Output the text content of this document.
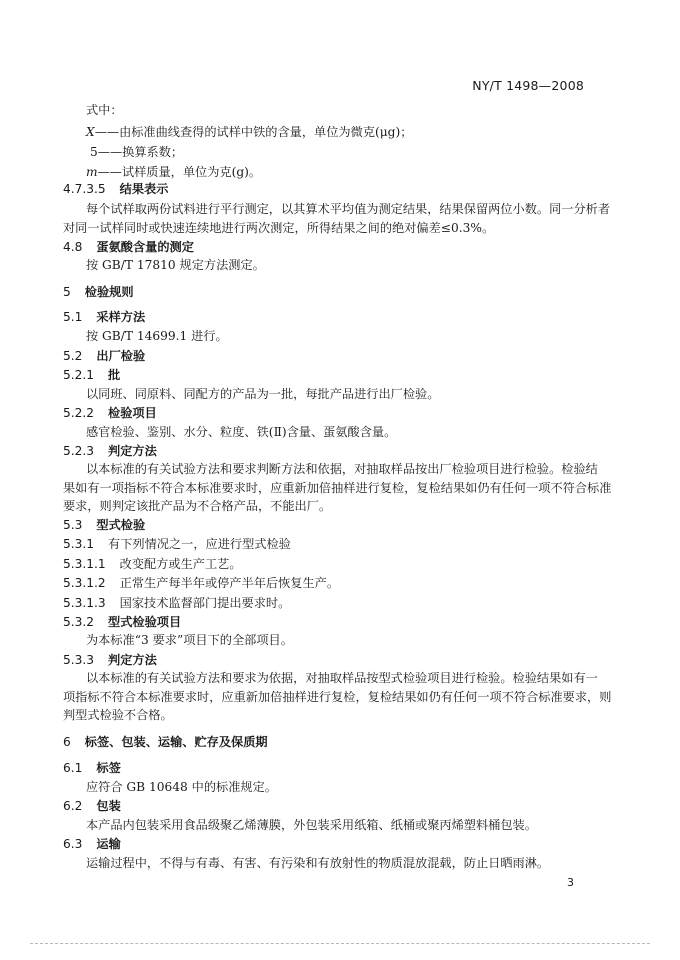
NY/T 1498—2008
式中：
X——由标准曲线查得的试样中铁的含量，单位为微克(μg)；
5——换算系数；
m——试样质量，单位为克(g)。
4.7.3.5 结果表示
每个试样取两份试料进行平行测定，以其算术平均值为测定结果，结果保留两位小数。同一分析者
对同一试样同时或快速连续地进行两次测定，所得结果之间的绝对偏差≤0.3%。
4.8 蛋氨酸含量的测定
按 GB/T 17810 规定方法测定。
5 检验规则
5.1 采样方法
按 GB/T 14699.1 进行。
5.2 出厂检验
5.2.1 批
以同班、同原料、同配方的产品为一批，每批产品进行出厂检验。
5.2.2 检验项目
感官检验、鉴别、水分、粒度、铁(Ⅱ)含量、蛋氨酸含量。
5.2.3 判定方法
以本标准的有关试验方法和要求判断方法和依据，对抽取样品按出厂检验项目进行检验。检验结
果如有一项指标不符合本标准要求时，应重新加倍抽样进行复检，复检结果如仍有任何一项不符合标准
要求，则判定该批产品为不合格产品，不能出厂。
5.3 型式检验
5.3.1 有下列情况之一，应进行型式检验
5.3.1.1 改变配方或生产工艺。
5.3.1.2 正常生产每半年或停产半年后恢复生产。
5.3.1.3 国家技术监督部门提出要求时。
5.3.2 型式检验项目
为本标准“3 要求”项目下的全部项目。
5.3.3 判定方法
以本标准的有关试验方法和要求为依据，对抽取样品按型式检验项目进行检验。检验结果如有一
项指标不符合本标准要求时，应重新加倍抽样进行复检，复检结果如仍有任何一项不符合标准要求，则
判型式检验不合格。
6 标签、包装、运输、贮存及保质期
6.1 标签
应符合 GB 10648 中的标准规定。
6.2 包装
本产品内包装采用食品级聚乙烯薄膜，外包装采用纸箱、纸桶或聚丙烯塑料桶包装。
6.3 运输
运输过程中，不得与有毒、有害、有污染和有放射性的物质混放混载，防止日晒雨淋。
3
